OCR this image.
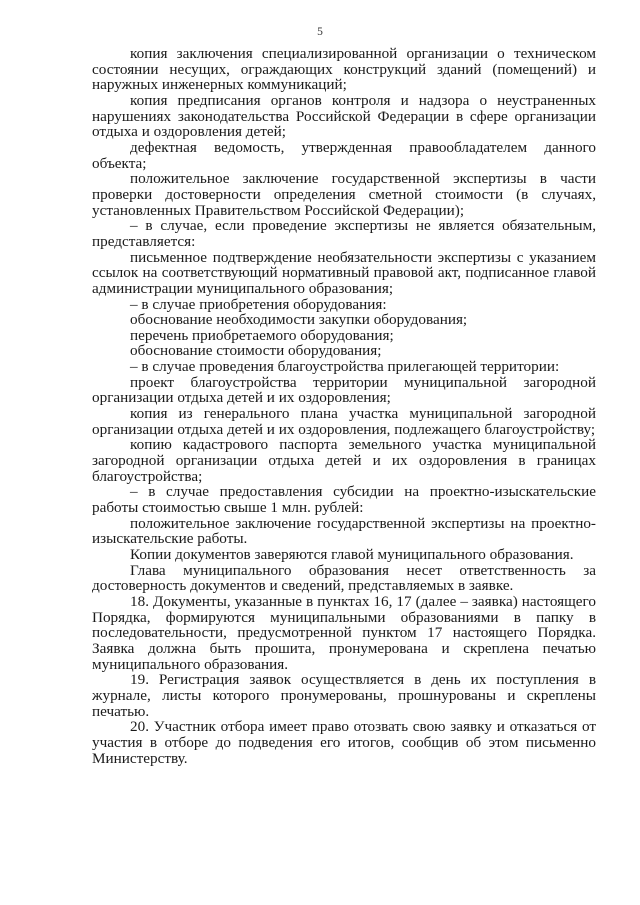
5

копия заключения специализированной организации о техническом состоянии несущих, ограждающих конструкций зданий (помещений) и наружных инженерных коммуникаций;

копия предписания органов контроля и надзора о неустраненных нарушениях законодательства Российской Федерации в сфере организации отдыха и оздоровления детей;

дефектная ведомость, утвержденная правообладателем данного объекта;

положительное заключение государственной экспертизы в части проверки достоверности определения сметной стоимости (в случаях, установленных Правительством Российской Федерации);

– в случае, если проведение экспертизы не является обязательным, представляется:

письменное подтверждение необязательности экспертизы с указанием ссылок на соответствующий нормативный правовой акт, подписанное главой администрации муниципального образования;

– в случае приобретения оборудования:

обоснование необходимости закупки оборудования;

перечень приобретаемого оборудования;

обоснование стоимости оборудования;

– в случае проведения благоустройства прилегающей территории:

проект благоустройства территории муниципальной загородной организации отдыха детей и их оздоровления;

копия из генерального плана участка муниципальной загородной организации отдыха детей и их оздоровления, подлежащего благоустройству;

копию кадастрового паспорта земельного участка муниципальной загородной организации отдыха детей и их оздоровления в границах благоустройства;

– в случае предоставления субсидии на проектно-изыскательские работы стоимостью свыше 1 млн. рублей:

положительное заключение государственной экспертизы на проектно-изыскательские работы.

Копии документов заверяются главой муниципального образования.

Глава муниципального образования несет ответственность за достоверность документов и сведений, представляемых в заявке.

18. Документы, указанные в пунктах 16, 17 (далее – заявка) настоящего Порядка, формируются муниципальными образованиями в папку в последовательности, предусмотренной пунктом 17 настоящего Порядка. Заявка должна быть прошита, пронумерована и скреплена печатью муниципального образования.

19. Регистрация заявок осуществляется в день их поступления в журнале, листы которого пронумерованы, прошнурованы и скреплены печатью.

20. Участник отбора имеет право отозвать свою заявку и отказаться от участия в отборе до подведения его итогов, сообщив об этом письменно Министерству.
